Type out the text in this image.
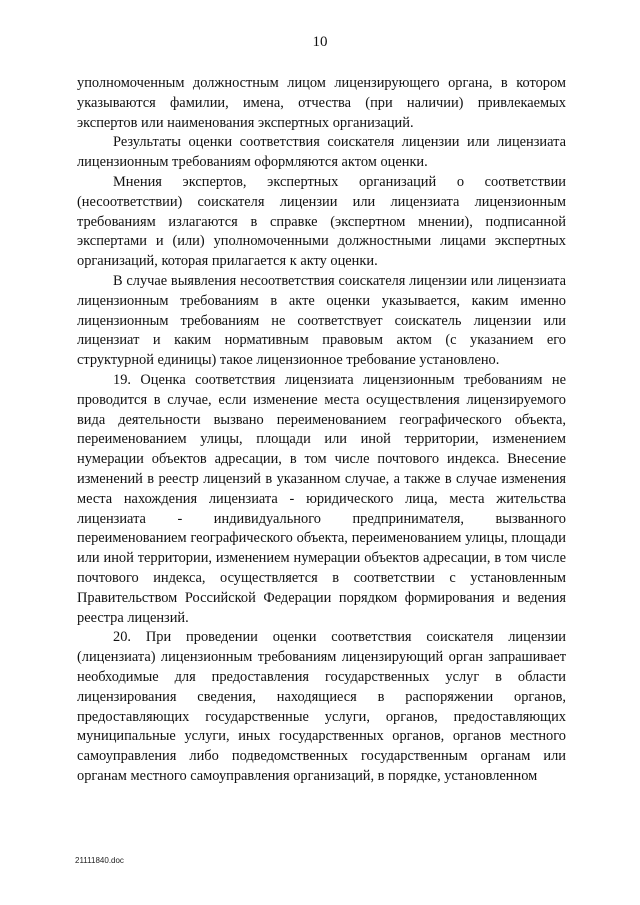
10

уполномоченным должностным лицом лицензирующего органа, в котором указываются фамилии, имена, отчества (при наличии) привлекаемых экспертов или наименования экспертных организаций.

Результаты оценки соответствия соискателя лицензии или лицензиата лицензионным требованиям оформляются актом оценки.

Мнения экспертов, экспертных организаций о соответствии (несоответствии) соискателя лицензии или лицензиата лицензионным требованиям излагаются в справке (экспертном мнении), подписанной экспертами и (или) уполномоченными должностными лицами экспертных организаций, которая прилагается к акту оценки.

В случае выявления несоответствия соискателя лицензии или лицензиата лицензионным требованиям в акте оценки указывается, каким именно лицензионным требованиям не соответствует соискатель лицензии или лицензиат и каким нормативным правовым актом (с указанием его структурной единицы) такое лицензионное требование установлено.

19. Оценка соответствия лицензиата лицензионным требованиям не проводится в случае, если изменение места осуществления лицензируемого вида деятельности вызвано переименованием географического объекта, переименованием улицы, площади или иной территории, изменением нумерации объектов адресации, в том числе почтового индекса. Внесение изменений в реестр лицензий в указанном случае, а также в случае изменения места нахождения лицензиата - юридического лица, места жительства лицензиата - индивидуального предпринимателя, вызванного переименованием географического объекта, переименованием улицы, площади или иной территории, изменением нумерации объектов адресации, в том числе почтового индекса, осуществляется в соответствии с установленным Правительством Российской Федерации порядком формирования и ведения реестра лицензий.

20. При проведении оценки соответствия соискателя лицензии (лицензиата) лицензионным требованиям лицензирующий орган запрашивает необходимые для предоставления государственных услуг в области лицензирования сведения, находящиеся в распоряжении органов, предоставляющих государственные услуги, органов, предоставляющих муниципальные услуги, иных государственных органов, органов местного самоуправления либо подведомственных государственным органам или органам местного самоуправления организаций, в порядке, установленном

21111840.doc
